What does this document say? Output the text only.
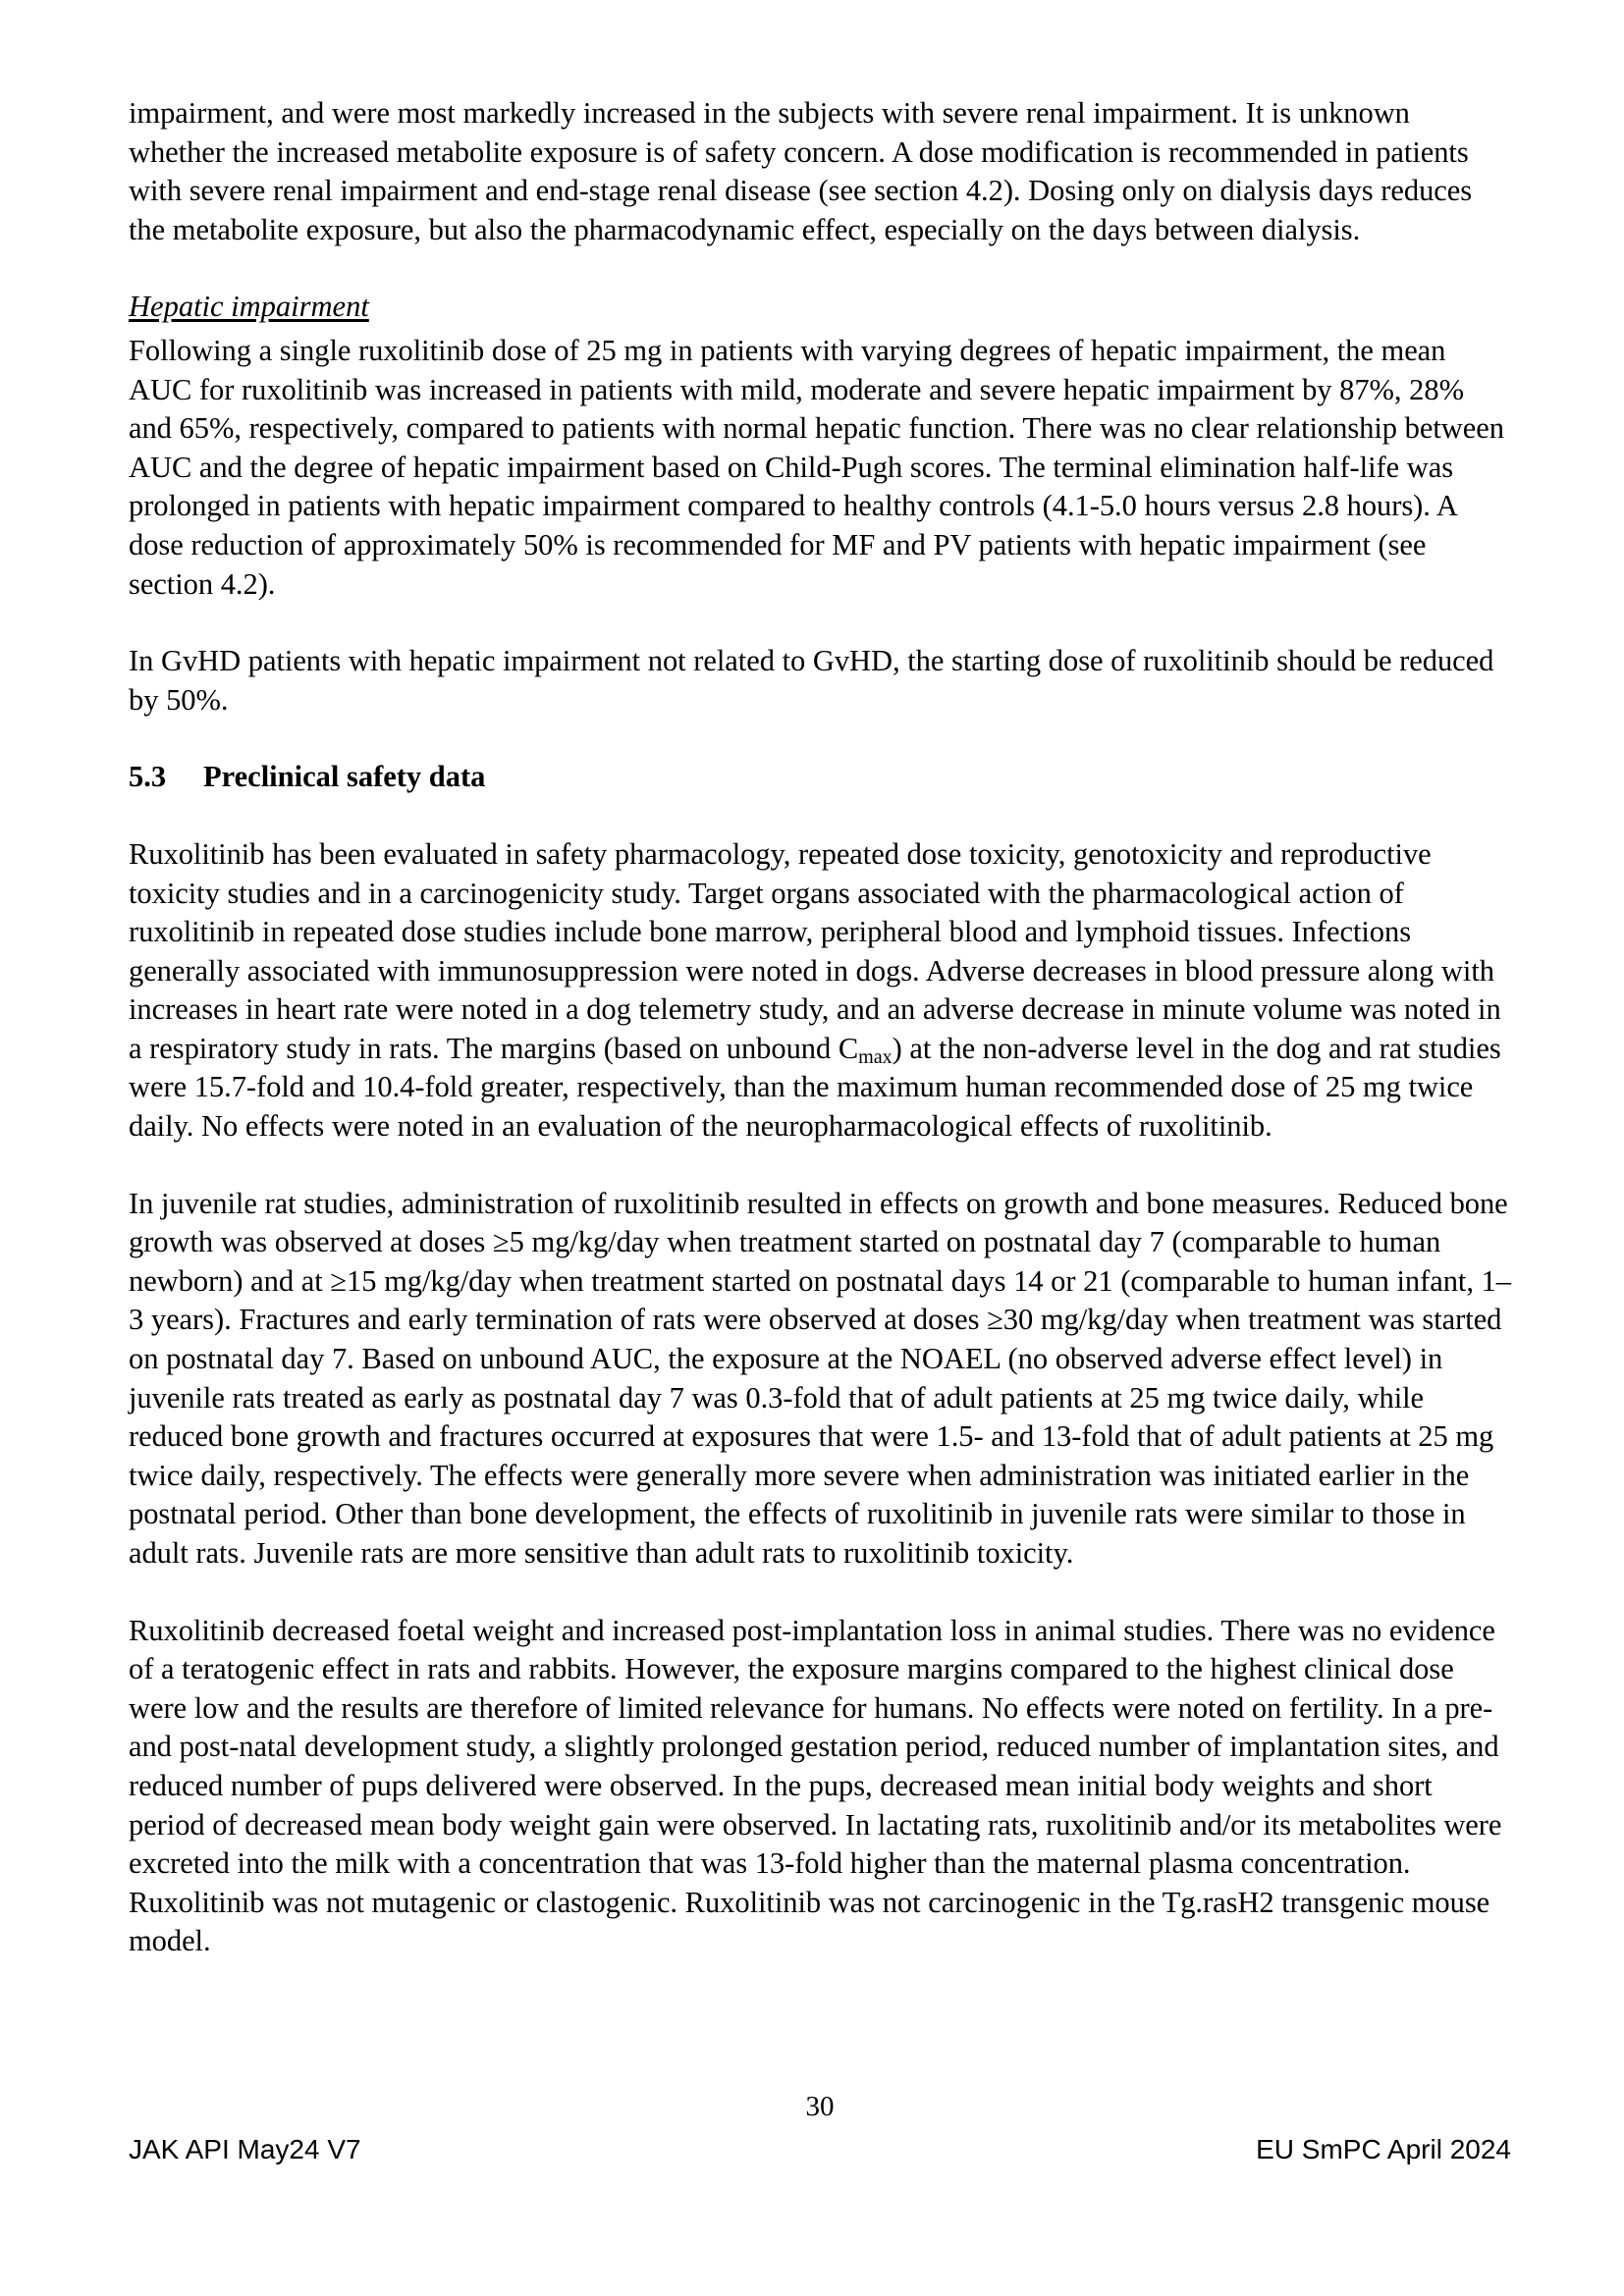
impairment, and were most markedly increased in the subjects with severe renal impairment. It is unknown whether the increased metabolite exposure is of safety concern. A dose modification is recommended in patients with severe renal impairment and end-stage renal disease (see section 4.2). Dosing only on dialysis days reduces the metabolite exposure, but also the pharmacodynamic effect, especially on the days between dialysis.

Hepatic impairment

Following a single ruxolitinib dose of 25 mg in patients with varying degrees of hepatic impairment, the mean AUC for ruxolitinib was increased in patients with mild, moderate and severe hepatic impairment by 87%, 28% and 65%, respectively, compared to patients with normal hepatic function. There was no clear relationship between AUC and the degree of hepatic impairment based on Child-Pugh scores. The terminal elimination half-life was prolonged in patients with hepatic impairment compared to healthy controls (4.1-5.0 hours versus 2.8 hours). A dose reduction of approximately 50% is recommended for MF and PV patients with hepatic impairment (see section 4.2).

In GvHD patients with hepatic impairment not related to GvHD, the starting dose of ruxolitinib should be reduced by 50%.

5.3	Preclinical safety data

Ruxolitinib has been evaluated in safety pharmacology, repeated dose toxicity, genotoxicity and reproductive toxicity studies and in a carcinogenicity study. Target organs associated with the pharmacological action of ruxolitinib in repeated dose studies include bone marrow, peripheral blood and lymphoid tissues. Infections generally associated with immunosuppression were noted in dogs. Adverse decreases in blood pressure along with increases in heart rate were noted in a dog telemetry study, and an adverse decrease in minute volume was noted in a respiratory study in rats. The margins (based on unbound $C_{max}$) at the non-adverse level in the dog and rat studies were 15.7-fold and 10.4-fold greater, respectively, than the maximum human recommended dose of 25 mg twice daily. No effects were noted in an evaluation of the neuropharmacological effects of ruxolitinib.

In juvenile rat studies, administration of ruxolitinib resulted in effects on growth and bone measures. Reduced bone growth was observed at doses ≥5 mg/kg/day when treatment started on postnatal day 7 (comparable to human newborn) and at ≥15 mg/kg/day when treatment started on postnatal days 14 or 21 (comparable to human infant, 1–3 years). Fractures and early termination of rats were observed at doses ≥30 mg/kg/day when treatment was started on postnatal day 7. Based on unbound AUC, the exposure at the NOAEL (no observed adverse effect level) in juvenile rats treated as early as postnatal day 7 was 0.3-fold that of adult patients at 25 mg twice daily, while reduced bone growth and fractures occurred at exposures that were 1.5- and 13-fold that of adult patients at 25 mg twice daily, respectively. The effects were generally more severe when administration was initiated earlier in the postnatal period. Other than bone development, the effects of ruxolitinib in juvenile rats were similar to those in adult rats. Juvenile rats are more sensitive than adult rats to ruxolitinib toxicity.

Ruxolitinib decreased foetal weight and increased post-implantation loss in animal studies. There was no evidence of a teratogenic effect in rats and rabbits. However, the exposure margins compared to the highest clinical dose were low and the results are therefore of limited relevance for humans. No effects were noted on fertility. In a pre-and post-natal development study, a slightly prolonged gestation period, reduced number of implantation sites, and reduced number of pups delivered were observed. In the pups, decreased mean initial body weights and short period of decreased mean body weight gain were observed. In lactating rats, ruxolitinib and/or its metabolites were excreted into the milk with a concentration that was 13-fold higher than the maternal plasma concentration. Ruxolitinib was not mutagenic or clastogenic. Ruxolitinib was not carcinogenic in the Tg.rasH2 transgenic mouse model.

30
JAK API May24 V7	EU SmPC April 2024
